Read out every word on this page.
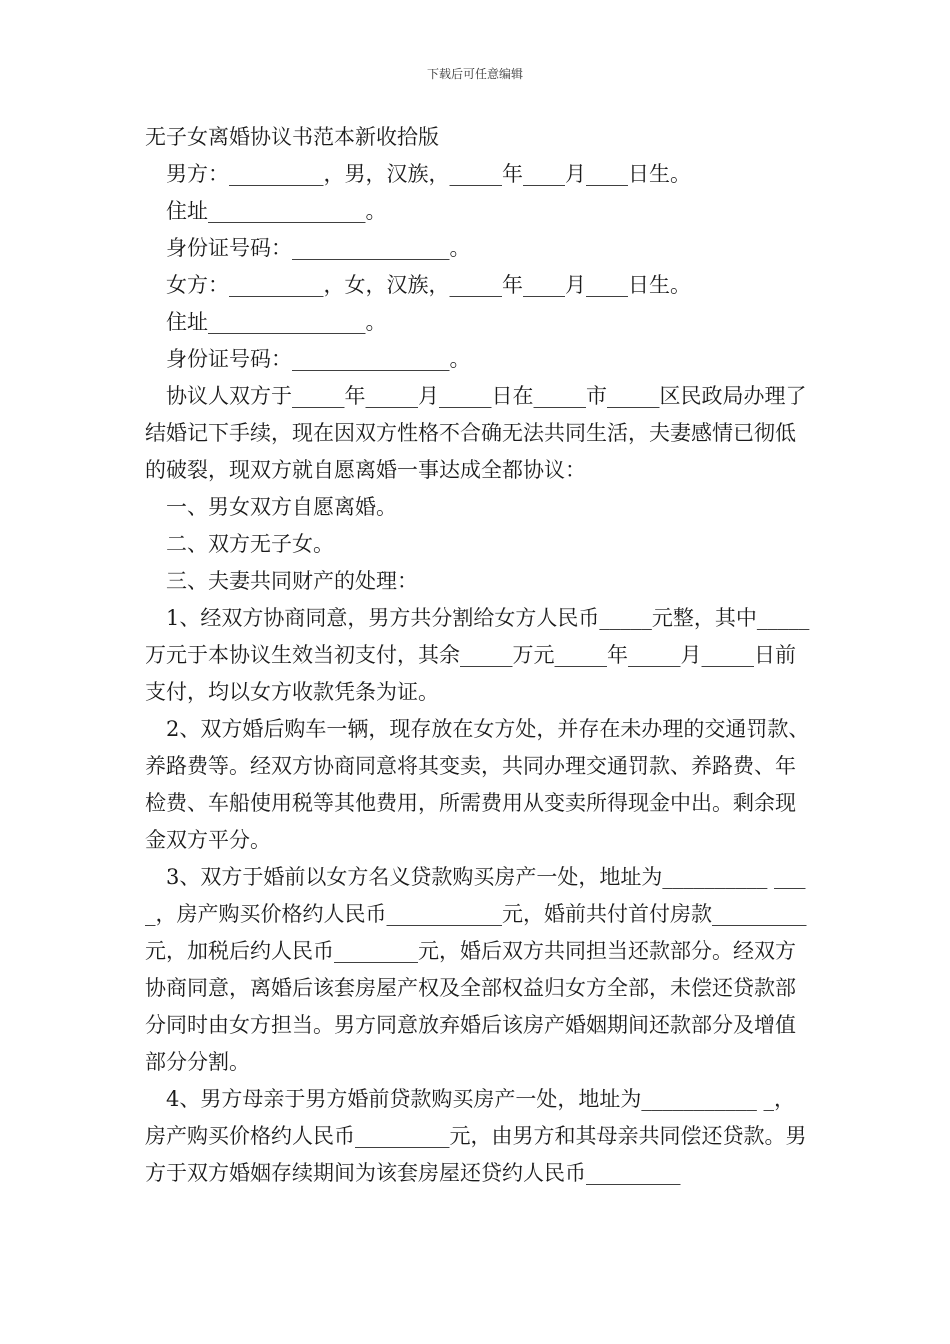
下载后可任意编辑

无子女离婚协议书范本新收拾版

男方：_________，男，汉族，_____年____月____日生。

住址_______________。

身份证号码：_______________。

女方：_________，女，汉族，_____年____月____日生。

住址_______________。

身份证号码：_______________。

协议人双方于_____年_____月_____日在_____市_____区民政局办理了结婚记下手续，现在因双方性格不合确无法共同生活，夫妻感情已彻低的破裂，现双方就自愿离婚一事达成全都协议：

一、男女双方自愿离婚。

二、双方无子女。

三、夫妻共同财产的处理：

1、经双方协商同意，男方共分割给女方人民币_____元整，其中_____万元于本协议生效当初支付，其余_____万元_____年_____月_____日前支付，均以女方收款凭条为证。

2、双方婚后购车一辆，现存放在女方处，并存在未办理的交通罚款、养路费等。经双方协商同意将其变卖，共同办理交通罚款、养路费、年检费、车船使用税等其他费用，所需费用从变卖所得现金中出。剩余现金双方平分。

3、双方于婚前以女方名义贷款购买房产一处，地址为__________ ____，房产购买价格约人民币___________元，婚前共付首付房款_________元，加税后约人民币________元，婚后双方共同担当还款部分。经双方协商同意，离婚后该套房屋产权及全部权益归女方全部，未偿还贷款部分同时由女方担当。男方同意放弃婚后该房产婚姻期间还款部分及增值部分分割。

4、男方母亲于男方婚前贷款购买房产一处，地址为___________ _，房产购买价格约人民币_________元，由男方和其母亲共同偿还贷款。男方于双方婚姻存续期间为该套房屋还贷约人民币_________
